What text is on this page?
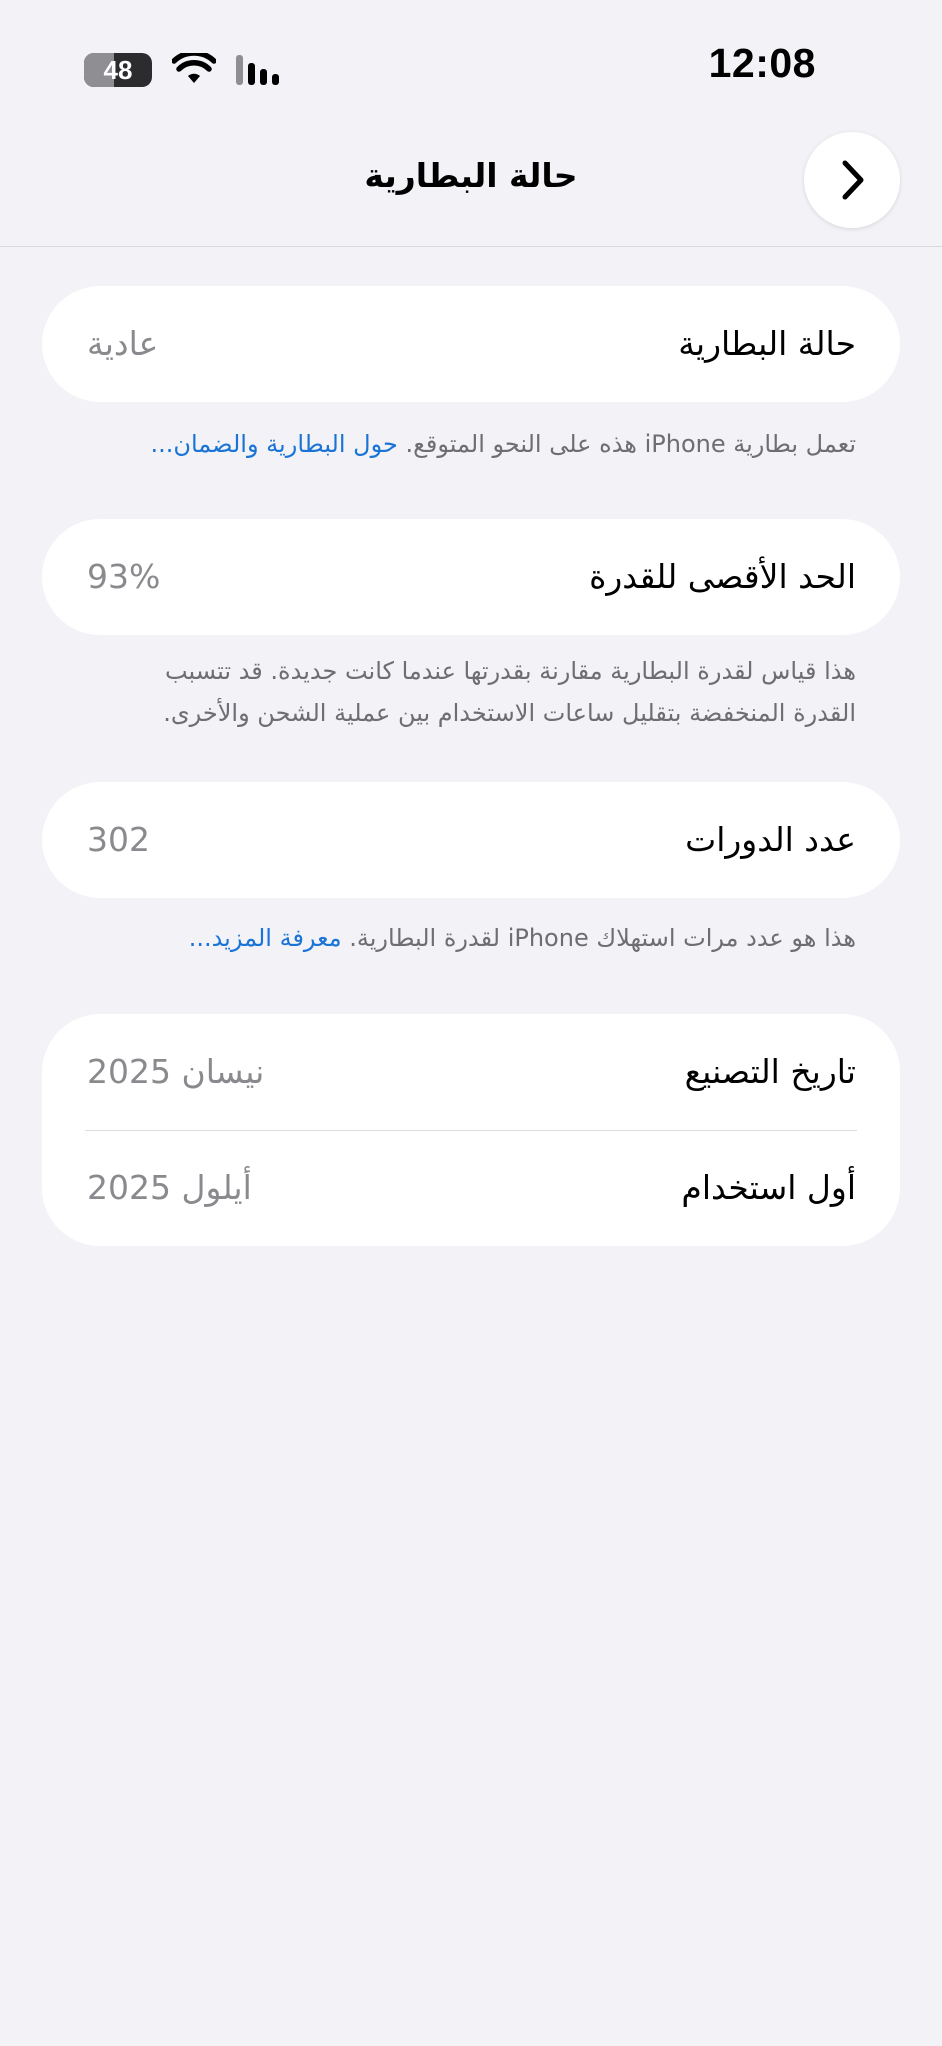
48	12:08
حالة البطارية
حالة البطارية
عادية
تعمل بطارية iPhone هذه على النحو المتوقع. حول البطارية والضمان...
الحد الأقصى للقدرة
93%
هذا قياس لقدرة البطارية مقارنة بقدرتها عندما كانت جديدة. قد تتسبب القدرة المنخفضة بتقليل ساعات الاستخدام بين عملية الشحن والأخرى.
عدد الدورات
302
هذا هو عدد مرات استهلاك iPhone لقدرة البطارية. معرفة المزيد...
تاريخ التصنيع
نيسان 2025
أول استخدام
أيلول 2025
